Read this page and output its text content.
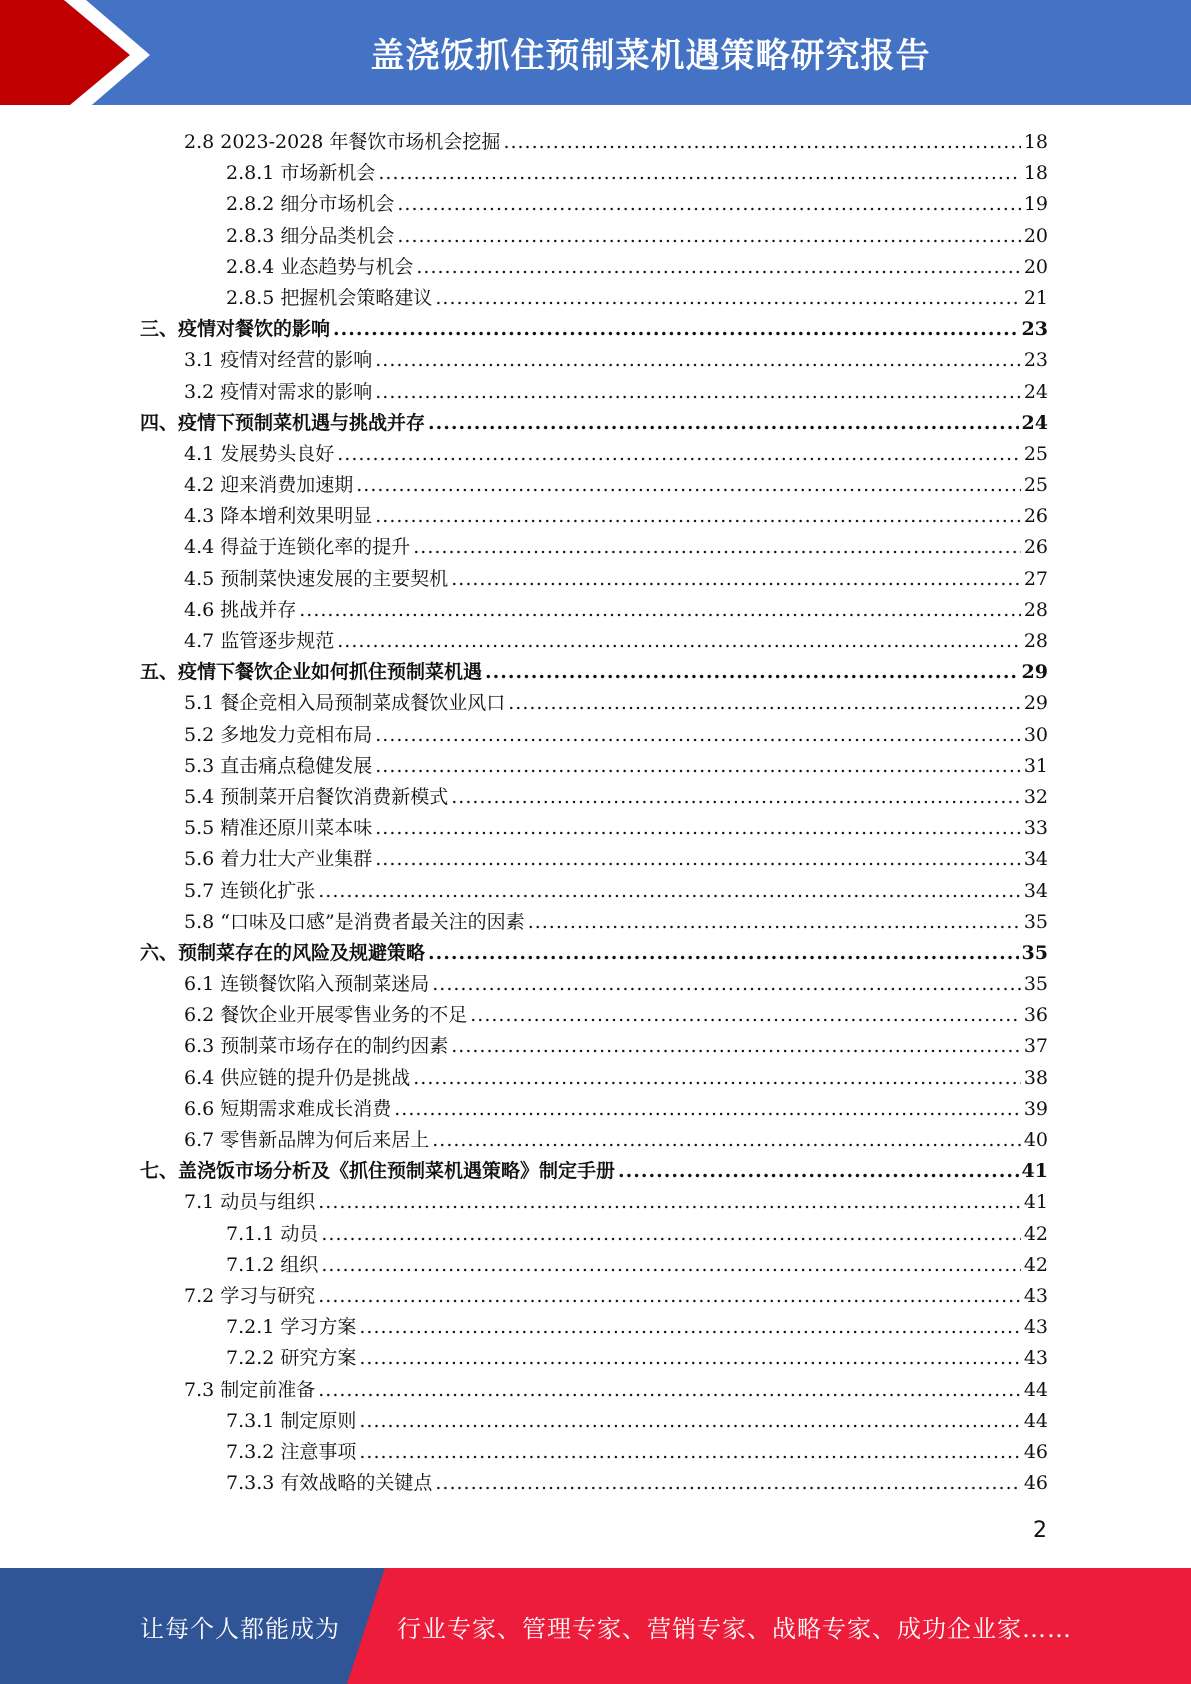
盖浇饭抓住预制菜机遇策略研究报告
2.8 2023-2028 年餐饮市场机会挖掘 .....	18
2.8.1 市场新机会 .....	18
2.8.2 细分市场机会 .....	19
2.8.3 细分品类机会 .....	20
2.8.4 业态趋势与机会 .....	20
2.8.5 把握机会策略建议 .....	21
三、疫情对餐饮的影响 .....	23
3.1 疫情对经营的影响 .....	23
3.2 疫情对需求的影响 .....	24
四、疫情下预制菜机遇与挑战并存 .....	24
4.1 发展势头良好 .....	25
4.2 迎来消费加速期 .....	25
4.3 降本增利效果明显 .....	26
4.4 得益于连锁化率的提升 .....	26
4.5 预制菜快速发展的主要契机 .....	27
4.6 挑战并存 .....	28
4.7 监管逐步规范 .....	28
五、疫情下餐饮企业如何抓住预制菜机遇 .....	29
5.1 餐企竞相入局预制菜成餐饮业风口 .....	29
5.2 多地发力竞相布局 .....	30
5.3 直击痛点稳健发展 .....	31
5.4 预制菜开启餐饮消费新模式 .....	32
5.5 精准还原川菜本味 .....	33
5.6 着力壮大产业集群 .....	34
5.7 连锁化扩张 .....	34
5.8 “口味及口感”是消费者最关注的因素 .....	35
六、预制菜存在的风险及规避策略 .....	35
6.1 连锁餐饮陷入预制菜迷局 .....	35
6.2 餐饮企业开展零售业务的不足 .....	36
6.3 预制菜市场存在的制约因素 .....	37
6.4 供应链的提升仍是挑战 .....	38
6.6 短期需求难成长消费 .....	39
6.7 零售新品牌为何后来居上 .....	40
七、盖浇饭市场分析及《抓住预制菜机遇策略》制定手册 .....	41
7.1 动员与组织 .....	41
7.1.1 动员 .....	42
7.1.2 组织 .....	42
7.2 学习与研究 .....	43
7.2.1 学习方案 .....	43
7.2.2 研究方案 .....	43
7.3 制定前准备 .....	44
7.3.1 制定原则 .....	44
7.3.2 注意事项 .....	46
7.3.3 有效战略的关键点 .....	46
2
让每个人都能成为 行业专家、管理专家、营销专家、战略专家、成功企业家……
